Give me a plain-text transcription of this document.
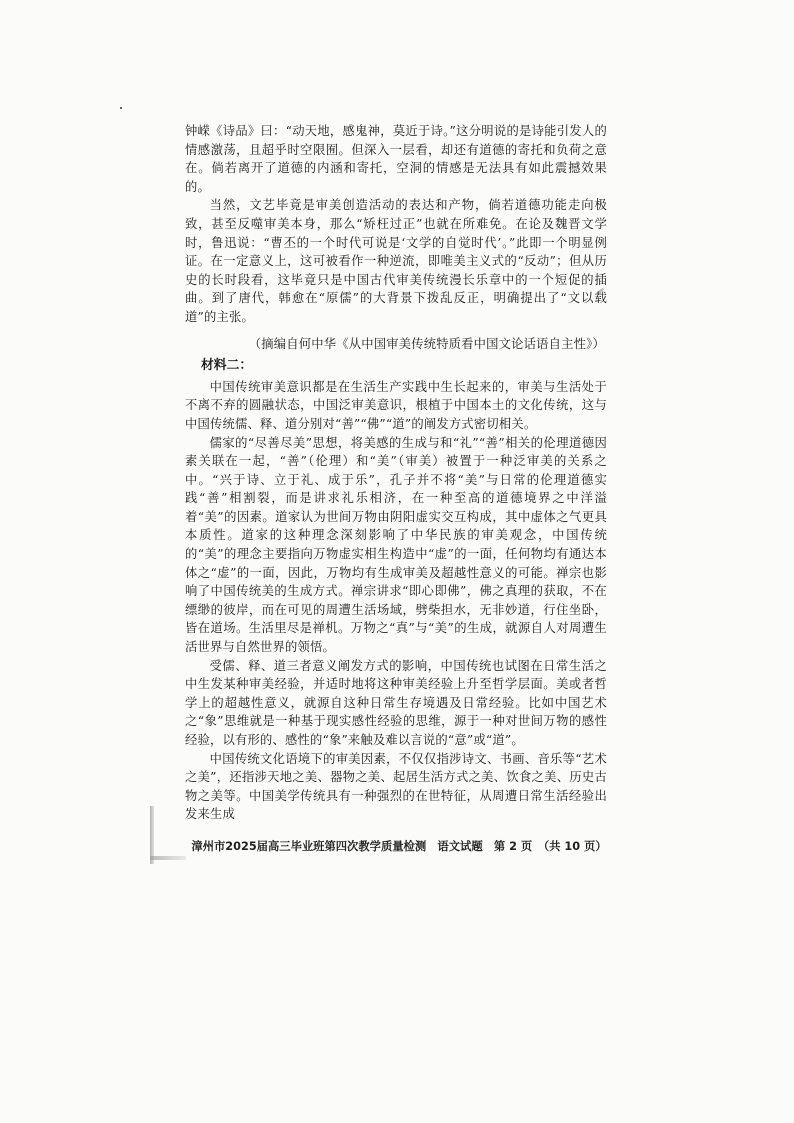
钟嵘《诗品》曰：“动天地，感鬼神，莫近于诗。”这分明说的是诗能引发人的情感激荡，且超乎时空限囿。但深入一层看，却还有道德的寄托和负荷之意在。倘若离开了道德的内涵和寄托，空洞的情感是无法具有如此震撼效果的。

当然，文艺毕竟是审美创造活动的表达和产物，倘若道德功能走向极致，甚至反噬审美本身，那么“矫枉过正”也就在所难免。在论及魏晋文学时，鲁迅说：“曹丕的一个时代可说是‘文学的自觉时代’。”此即一个明显例证。在一定意义上，这可被看作一种逆流，即唯美主义式的“反动”；但从历史的长时段看，这毕竟只是中国古代审美传统漫长乐章中的一个短促的插曲。到了唐代，韩愈在“原儒”的大背景下拨乱反正，明确提出了“文以载道”的主张。

（摘编自何中华《从中国审美传统特质看中国文论话语自主性》）

材料二：

中国传统审美意识都是在生活生产实践中生长起来的，审美与生活处于不离不弃的圆融状态，中国泛审美意识，根植于中国本土的文化传统，这与中国传统儒、释、道分别对“善”“佛”“道”的阐发方式密切相关。

儒家的“尽善尽美”思想，将美感的生成与和“礼”“善”相关的伦理道德因素关联在一起，“善”（伦理）和“美”（审美）被置于一种泛审美的关系之中。“兴于诗、立于礼、成于乐”，孔子并不将“美”与日常的伦理道德实践“善”相割裂，而是讲求礼乐相济，在一种至高的道德境界之中洋溢着“美”的因素。道家认为世间万物由阴阳虚实交互构成，其中虚体之气更具本质性。道家的这种理念深刻影响了中华民族的审美观念，中国传统的“美”的理念主要指向万物虚实相生构造中“虚”的一面，任何物均有通达本体之“虚”的一面，因此，万物均有生成审美及超越性意义的可能。禅宗也影响了中国传统美的生成方式。禅宗讲求“即心即佛”，佛之真理的获取，不在缥缈的彼岸，而在可见的周遭生活场域，劈柴担水，无非妙道，行住坐卧，皆在道场。生活里尽是禅机。万物之“真”与“美”的生成，就源自人对周遭生活世界与自然世界的领悟。

受儒、释、道三者意义阐发方式的影响，中国传统也试图在日常生活之中生发某种审美经验，并适时地将这种审美经验上升至哲学层面。美或者哲学上的超越性意义，就源自这种日常生存境遇及日常经验。比如中国艺术之“象”思维就是一种基于现实感性经验的思维，源于一种对世间万物的感性经验，以有形的、感性的“象”来触及难以言说的“意”或“道”。

中国传统文化语境下的审美因素，不仅仅指涉诗文、书画、音乐等“艺术之美”，还指涉天地之美、器物之美、起居生活方式之美、饮食之美、历史古物之美等。中国美学传统具有一种强烈的在世特征，从周遭日常生活经验出发来生成

漳州市2025届高三毕业班第四次教学质量检测　语文试题　第 2 页　（共 10 页）
